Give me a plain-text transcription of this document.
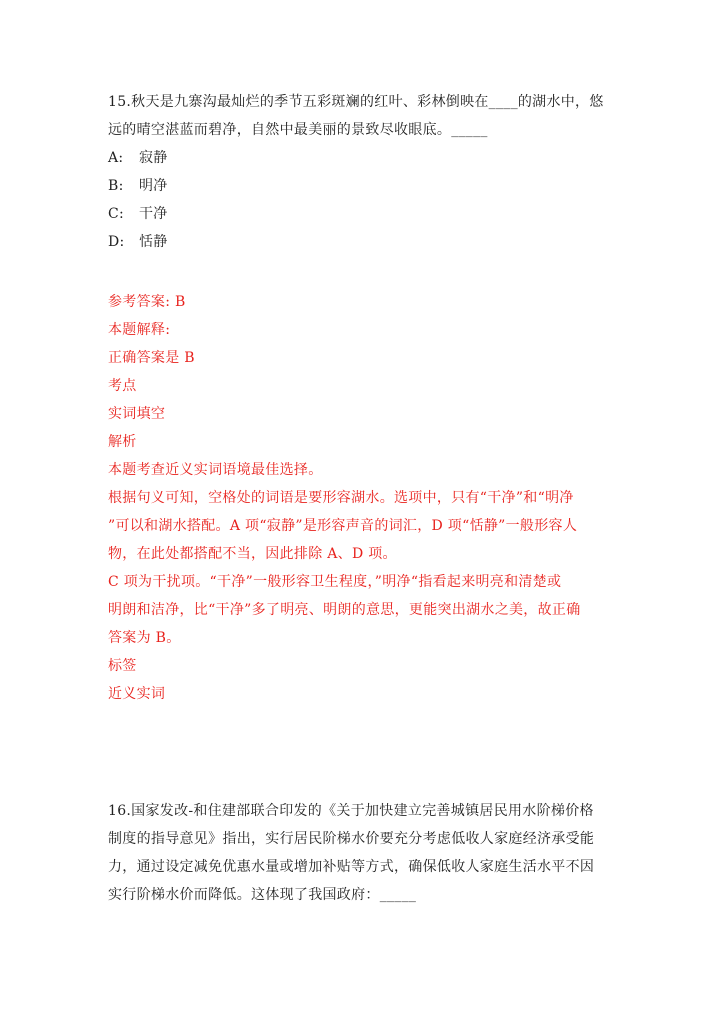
15.秋天是九寨沟最灿烂的季节五彩斑斓的红叶、彩林倒映在____的湖水中，悠
远的晴空湛蓝而碧净，自然中最美丽的景致尽收眼底。_____
A:	寂静
B:	明净
C:	干净
D:	恬静
参考答案: B
本题解释:
正确答案是 B
考点
实词填空
解析
本题考查近义实词语境最佳选择。
根据句义可知，空格处的词语是要形容湖水。选项中，只有“干净”和“明净
”可以和湖水搭配。A 项“寂静”是形容声音的词汇，D 项“恬静”一般形容人
物，在此处都搭配不当，因此排除 A、D 项。
C 项为干扰项。“干净”一般形容卫生程度，”明净“指看起来明亮和清楚或
明朗和洁净，比“干净”多了明亮、明朗的意思，更能突出湖水之美，故正确
答案为 B。
标签
近义实词
16.国家发改-和住建部联合印发的《关于加快建立完善城镇居民用水阶梯价格
制度的指导意见》指出，实行居民阶梯水价要充分考虑低收人家庭经济承受能
力，通过设定减免优惠水量或增加补贴等方式，确保低收人家庭生活水平不因
实行阶梯水价而降低。这体现了我国政府：_____
